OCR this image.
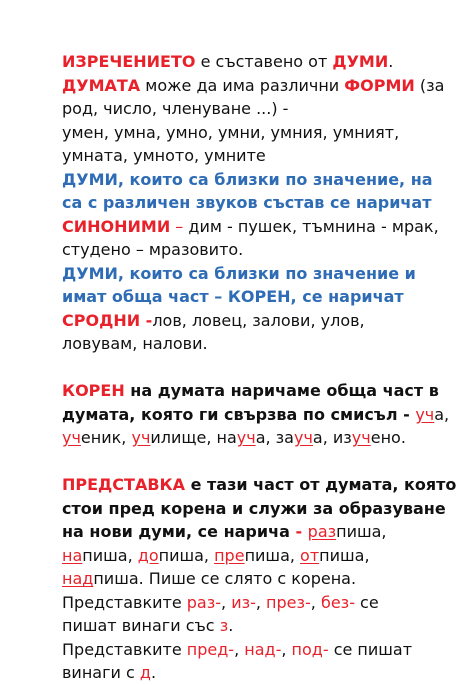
ИЗРЕЧЕНИЕТО е съставено от ДУМИ.
ДУМАТА може да има различни ФОРМИ (за
род, число, членуване ...) -
умен, умна, умно, умни, умния, умният,
умната, умното, умните
ДУМИ, които са близки по значение, на
са с различен звуков състав се наричат
СИНОНИМИ – дим - пушек, тъмнина - мрак,
студено – мразовито.
ДУМИ, които са близки по значение и
имат обща част – КОРЕН, се наричат
СРОДНИ -лов, ловец, залови, улов,
ловувам, налови.
КОРЕН на думата наричаме обща част в
думата, която ги свързва по смисъл - уча,
ученик, училище, науча, зауча, изучено.
ПРЕДСТАВКА е тази част от думата, която
стои пред корена и служи за образуване
на нови думи, се нарича - разпиша,
напиша, допиша, препиша, отпиша,
надпиша. Пише се слято с корена.
Представките раз-, из-, през-, без- се
пишат винаги със з.
Представките пред-, над-, под- се пишат
винаги с д.
